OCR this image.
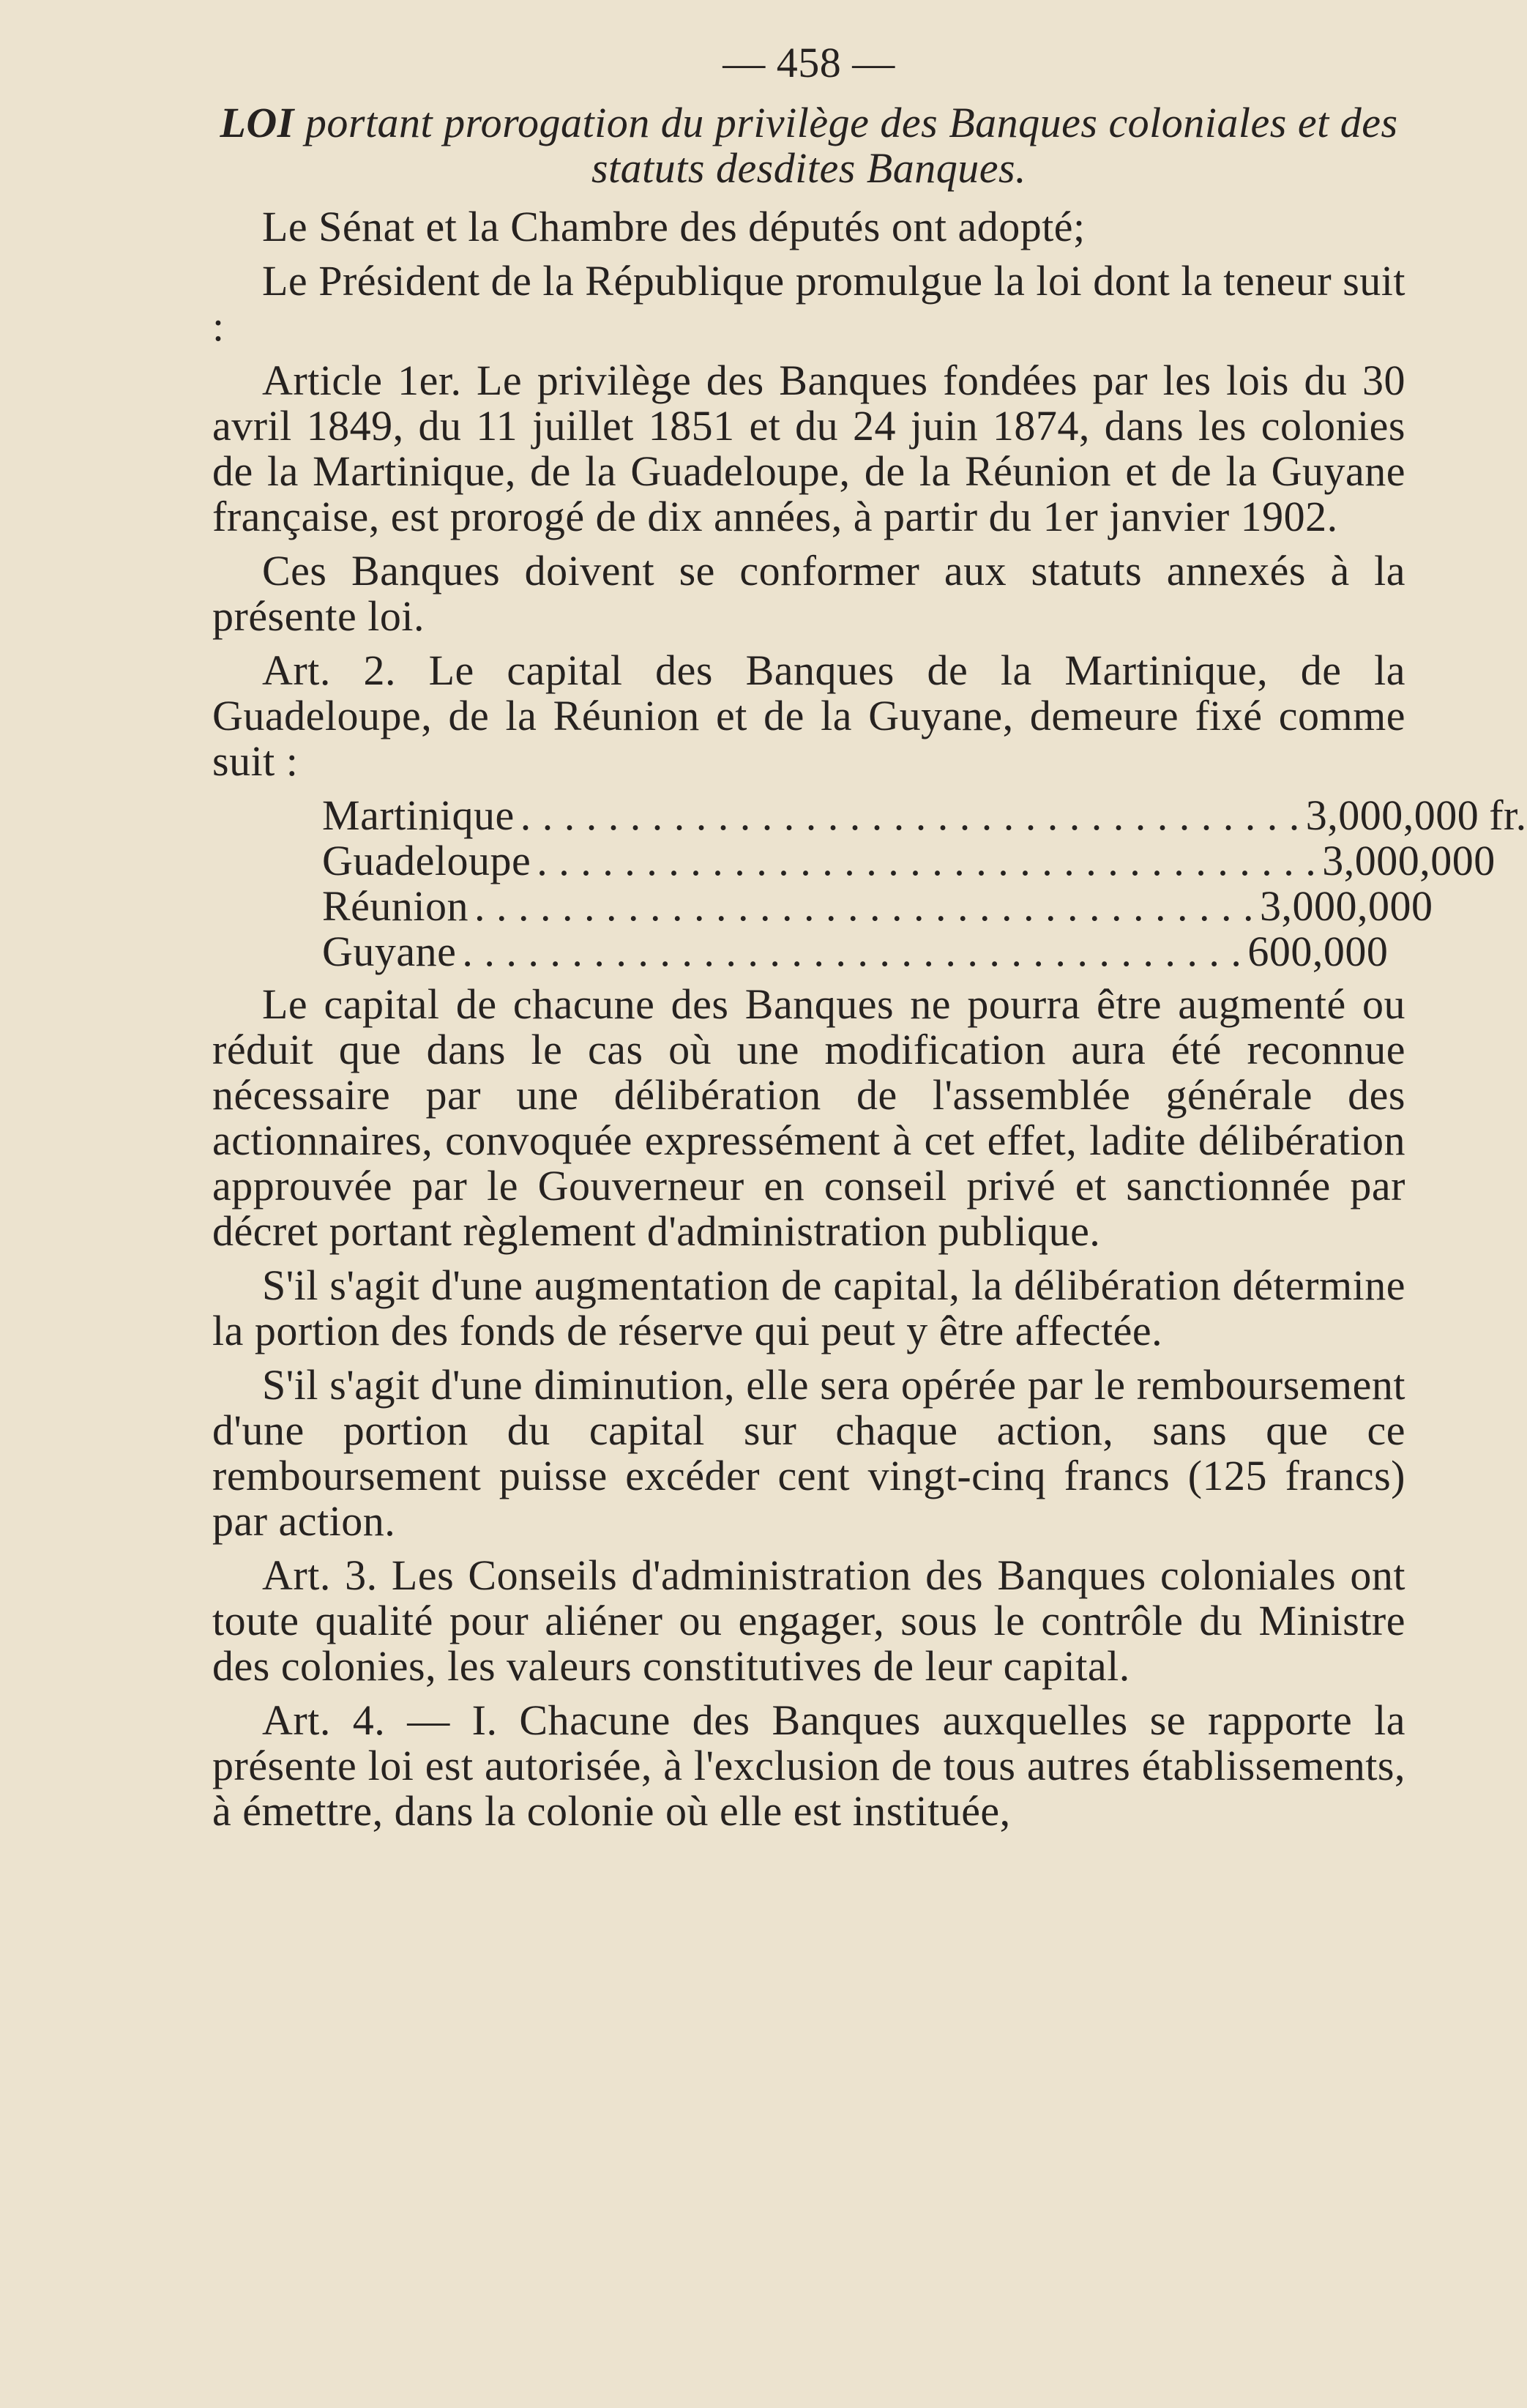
— 458 —
LOI portant prorogation du privilège des Banques coloniales et des statuts desdites Banques.

Le Sénat et la Chambre des députés ont adopté;

Le Président de la République promulgue la loi dont la teneur suit :

Article 1er. Le privilège des Banques fondées par les lois du 30 avril 1849, du 11 juillet 1851 et du 24 juin 1874, dans les colonies de la Martinique, de la Guadeloupe, de la Réunion et de la Guyane française, est prorogé de dix années, à partir du 1er janvier 1902.

Ces Banques doivent se conformer aux statuts annexés à la présente loi.

Art. 2. Le capital des Banques de la Martinique, de la Guadeloupe, de la Réunion et de la Guyane, demeure fixé comme suit :

Martinique . . . . . . . . . . . . . . . . . . . . . . . . . . . . . . . . . . . . 3,000,000 fr.
Guadeloupe . . . . . . . . . . . . . . . . . . . . . . . . . . . . . . . . . . . . 3,000,000
Réunion . . . . . . . . . . . . . . . . . . . . . . . . . . . . . . . . . . . . 3,000,000
Guyane . . . . . . . . . . . . . . . . . . . . . . . . . . . . . . . . . . . . 600,000

Le capital de chacune des Banques ne pourra être augmenté ou réduit que dans le cas où une modification aura été reconnue nécessaire par une délibération de l'assemblée générale des actionnaires, convoquée expressément à cet effet, ladite délibération approuvée par le Gouverneur en conseil privé et sanctionnée par décret portant règlement d'administration publique.

S'il s'agit d'une augmentation de capital, la délibération détermine la portion des fonds de réserve qui peut y être affectée.

S'il s'agit d'une diminution, elle sera opérée par le remboursement d'une portion du capital sur chaque action, sans que ce remboursement puisse excéder cent vingt-cinq francs (125 francs) par action.

Art. 3. Les Conseils d'administration des Banques coloniales ont toute qualité pour aliéner ou engager, sous le contrôle du Ministre des colonies, les valeurs constitutives de leur capital.

Art. 4. — I. Chacune des Banques auxquelles se rapporte la présente loi est autorisée, à l'exclusion de tous autres établissements, à émettre, dans la colonie où elle est instituée,
